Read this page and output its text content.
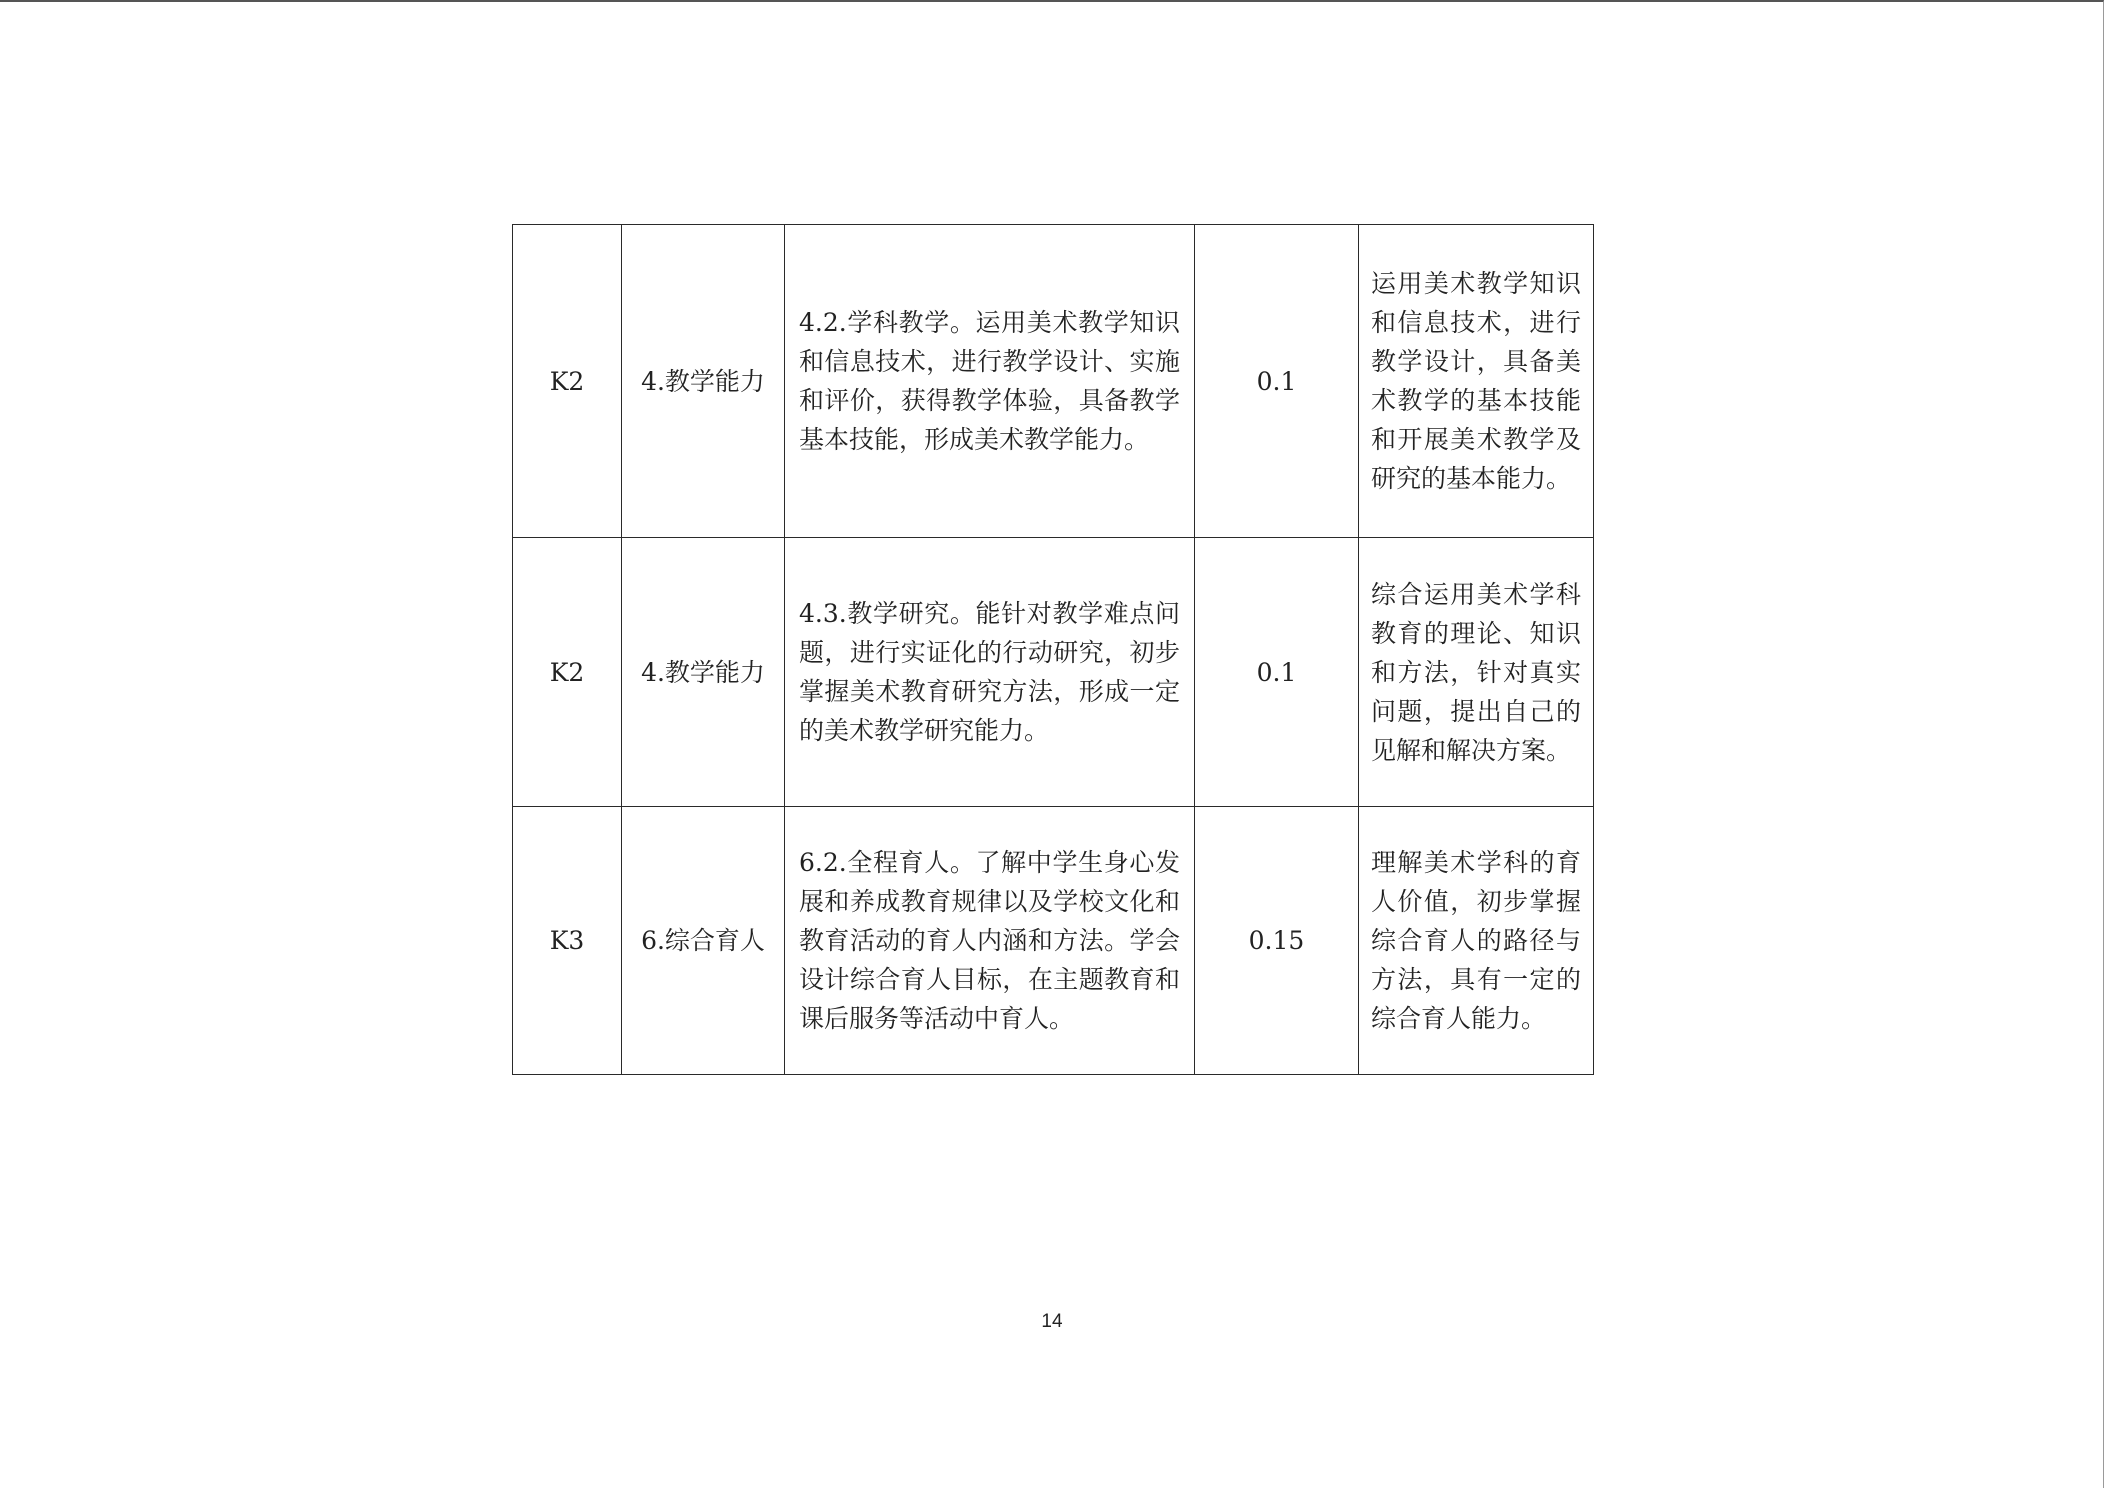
K2	4.教学能力	4.2.学科教学。运用美术教学知识和信息技术，进行教学设计、实施和评价，获得教学体验，具备教学基本技能，形成美术教学能力。	0.1	运用美术教学知识和信息技术，进行教学设计，具备美术教学的基本技能和开展美术教学及研究的基本能力。
K2	4.教学能力	4.3.教学研究。能针对教学难点问题，进行实证化的行动研究，初步掌握美术教育研究方法，形成一定的美术教学研究能力。	0.1	综合运用美术学科教育的理论、知识和方法，针对真实问题，提出自己的见解和解决方案。
K3	6.综合育人	6.2.全程育人。了解中学生身心发展和养成教育规律以及学校文化和教育活动的育人内涵和方法。学会设计综合育人目标，在主题教育和课后服务等活动中育人。	0.15	理解美术学科的育人价值，初步掌握综合育人的路径与方法，具有一定的综合育人能力。
14
